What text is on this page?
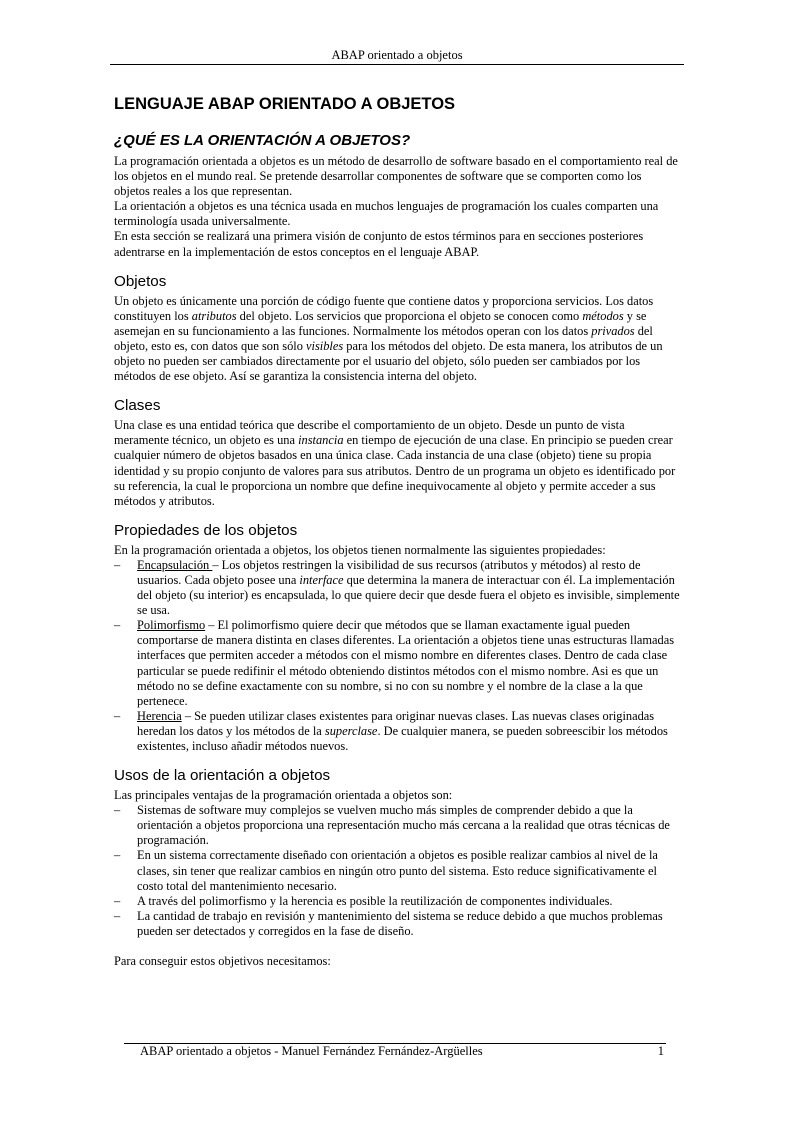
ABAP orientado a objetos
LENGUAJE ABAP ORIENTADO A OBJETOS
¿QUÉ ES LA ORIENTACIÓN A OBJETOS?

La programación orientada a objetos es un método de desarrollo de software basado en el comportamiento real de los objetos en el mundo real. Se pretende desarrollar componentes de software que se comporten como los objetos reales a los que representan.

La orientación a objetos es una técnica usada en muchos lenguajes de programación los cuales comparten una terminología usada universalmente.

En esta sección se realizará una primera visión de conjunto de estos términos para en secciones posteriores adentrarse en la implementación de estos conceptos en el lenguaje ABAP.

Objetos

Un objeto es únicamente una porción de código fuente que contiene datos y proporciona servicios. Los datos constituyen los atributos del objeto. Los servicios que proporciona el objeto se conocen como métodos y se asemejan en su funcionamiento a las funciones. Normalmente los métodos operan con los datos privados del objeto, esto es, con datos que son sólo visibles para los métodos del objeto. De esta manera, los atributos de un objeto no pueden ser cambiados directamente por el usuario del objeto, sólo pueden ser cambiados por los métodos de ese objeto. Así se garantiza la consistencia interna del objeto.

Clases

Una clase es una entidad teórica que describe el comportamiento de un objeto. Desde un punto de vista meramente técnico, un objeto es una instancia en tiempo de ejecución de una clase. En principio se pueden crear cualquier número de objetos basados en una única clase. Cada instancia de una clase (objeto) tiene su propia identidad y su propio conjunto de valores para sus atributos. Dentro de un programa un objeto es identificado por su referencia, la cual le proporciona un nombre que define inequivocamente al objeto y permite acceder a sus métodos y atributos.

Propiedades de los objetos

En la programación orientada a objetos, los objetos tienen normalmente las siguientes propiedades:

– Encapsulación – Los objetos restringen la visibilidad de sus recursos (atributos y métodos) al resto de usuarios. Cada objeto posee una interface que determina la manera de interactuar con él. La implementación del objeto (su interior) es encapsulada, lo que quiere decir que desde fuera el objeto es invisible, simplemente se usa.
– Polimorfismo – El polimorfismo quiere decir que métodos que se llaman exactamente igual pueden comportarse de manera distinta en clases diferentes. La orientación a objetos tiene unas estructuras llamadas interfaces que permiten acceder a métodos con el mismo nombre en diferentes clases. Dentro de cada clase particular se puede redifinir el método obteniendo distintos métodos con el mismo nombre. Asi es que un método no se define exactamente con su nombre, si no con su nombre y el nombre de la clase a la que pertenece.
– Herencia – Se pueden utilizar clases existentes para originar nuevas clases. Las nuevas clases originadas heredan los datos y los métodos de la superclase. De cualquier manera, se pueden sobreescibir los métodos existentes, incluso añadir métodos nuevos.
Usos de la orientación a objetos

Las principales ventajas de la programación orientada a objetos son:

– Sistemas de software muy complejos se vuelven mucho más simples de comprender debido a que la orientación a objetos proporciona una representación mucho más cercana a la realidad que otras técnicas de programación.
– En un sistema correctamente diseñado con orientación a objetos es posible realizar cambios al nivel de la clases, sin tener que realizar cambios en ningún otro punto del sistema. Esto reduce significativamente el costo total del mantenimiento necesario.
– A través del polimorfismo y la herencia es posible la reutilización de componentes individuales.
– La cantidad de trabajo en revisión y mantenimiento del sistema se reduce debido a que muchos problemas pueden ser detectados y corregidos en la fase de diseño.

Para conseguir estos objetivos necesitamos:

ABAP orientado a objetos - Manuel Fernández Fernández-Argüelles	1
